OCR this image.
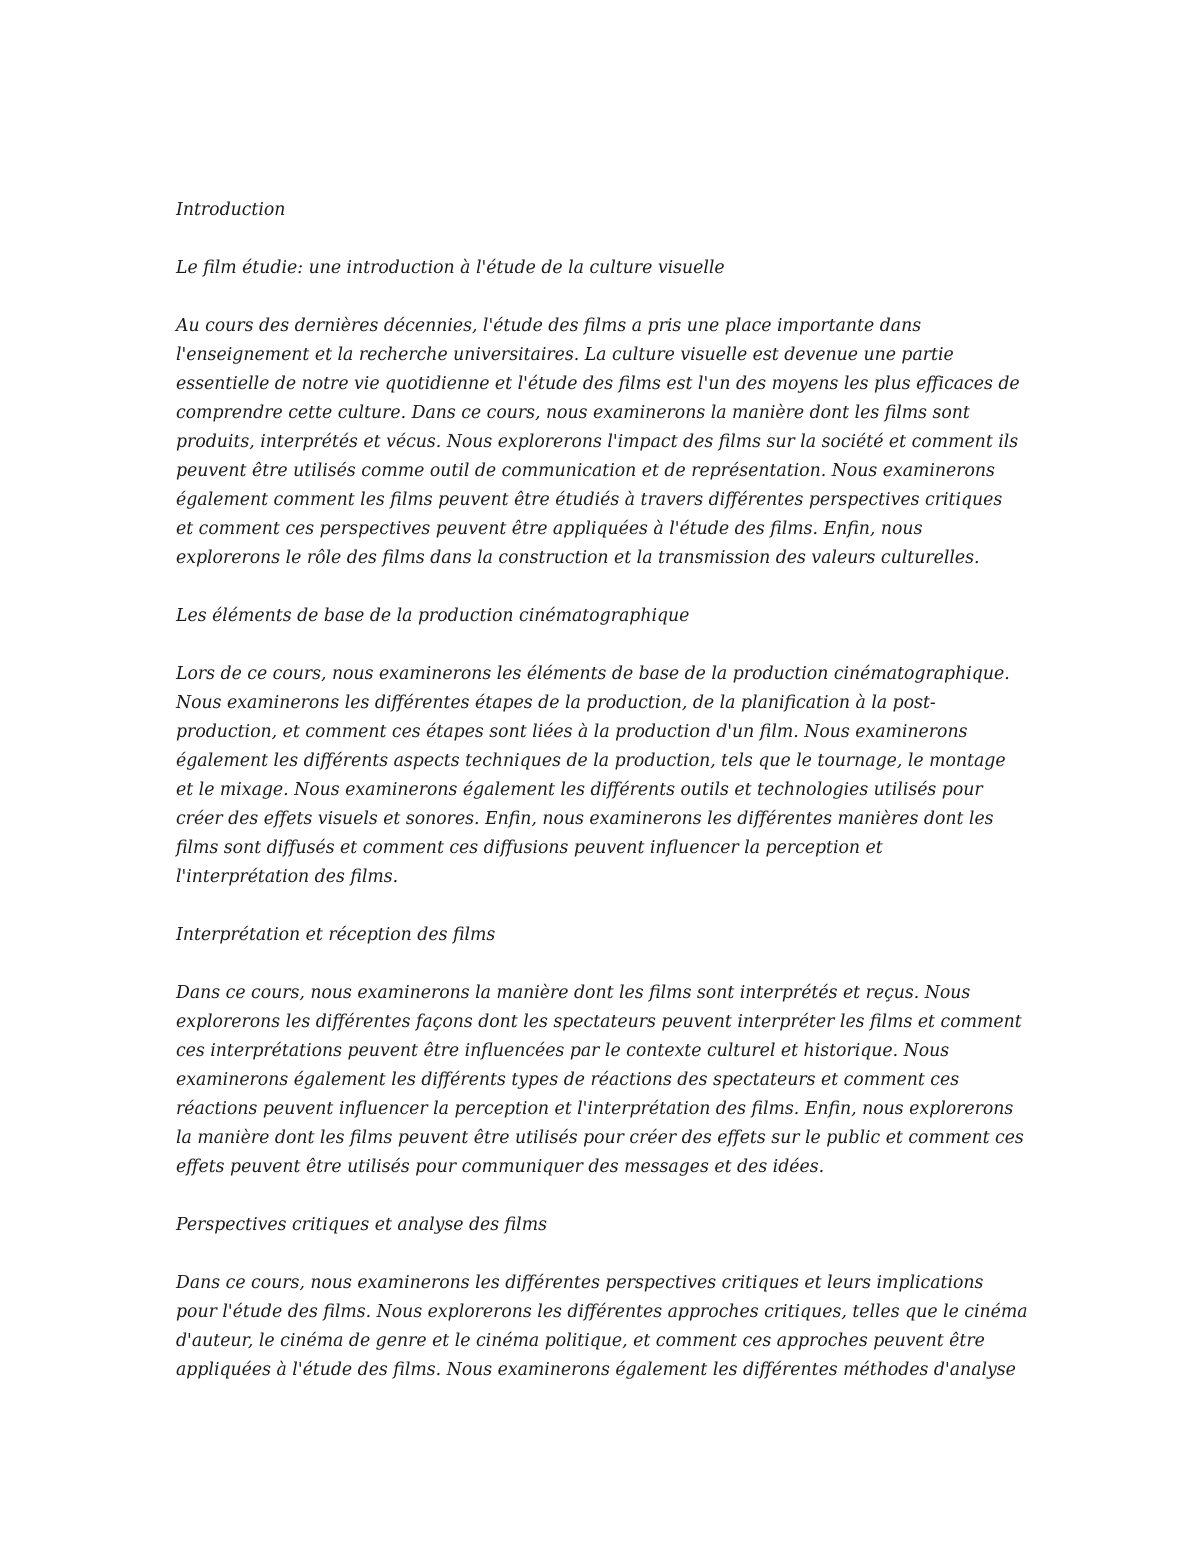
Introduction
Le film étudie: une introduction à l'étude de la culture visuelle
Au cours des dernières décennies, l'étude des films a pris une place importante dans
l'enseignement et la recherche universitaires. La culture visuelle est devenue une partie
essentielle de notre vie quotidienne et l'étude des films est l'un des moyens les plus efficaces de
comprendre cette culture. Dans ce cours, nous examinerons la manière dont les films sont
produits, interprétés et vécus. Nous explorerons l'impact des films sur la société et comment ils
peuvent être utilisés comme outil de communication et de représentation. Nous examinerons
également comment les films peuvent être étudiés à travers différentes perspectives critiques
et comment ces perspectives peuvent être appliquées à l'étude des films. Enfin, nous
explorerons le rôle des films dans la construction et la transmission des valeurs culturelles.
Les éléments de base de la production cinématographique
Lors de ce cours, nous examinerons les éléments de base de la production cinématographique.
Nous examinerons les différentes étapes de la production, de la planification à la post-
production, et comment ces étapes sont liées à la production d'un film. Nous examinerons
également les différents aspects techniques de la production, tels que le tournage, le montage
et le mixage. Nous examinerons également les différents outils et technologies utilisés pour
créer des effets visuels et sonores. Enfin, nous examinerons les différentes manières dont les
films sont diffusés et comment ces diffusions peuvent influencer la perception et
l'interprétation des films.
Interprétation et réception des films
Dans ce cours, nous examinerons la manière dont les films sont interprétés et reçus. Nous
explorerons les différentes façons dont les spectateurs peuvent interpréter les films et comment
ces interprétations peuvent être influencées par le contexte culturel et historique. Nous
examinerons également les différents types de réactions des spectateurs et comment ces
réactions peuvent influencer la perception et l'interprétation des films. Enfin, nous explorerons
la manière dont les films peuvent être utilisés pour créer des effets sur le public et comment ces
effets peuvent être utilisés pour communiquer des messages et des idées.
Perspectives critiques et analyse des films
Dans ce cours, nous examinerons les différentes perspectives critiques et leurs implications
pour l'étude des films. Nous explorerons les différentes approches critiques, telles que le cinéma
d'auteur, le cinéma de genre et le cinéma politique, et comment ces approches peuvent être
appliquées à l'étude des films. Nous examinerons également les différentes méthodes d'analyse
